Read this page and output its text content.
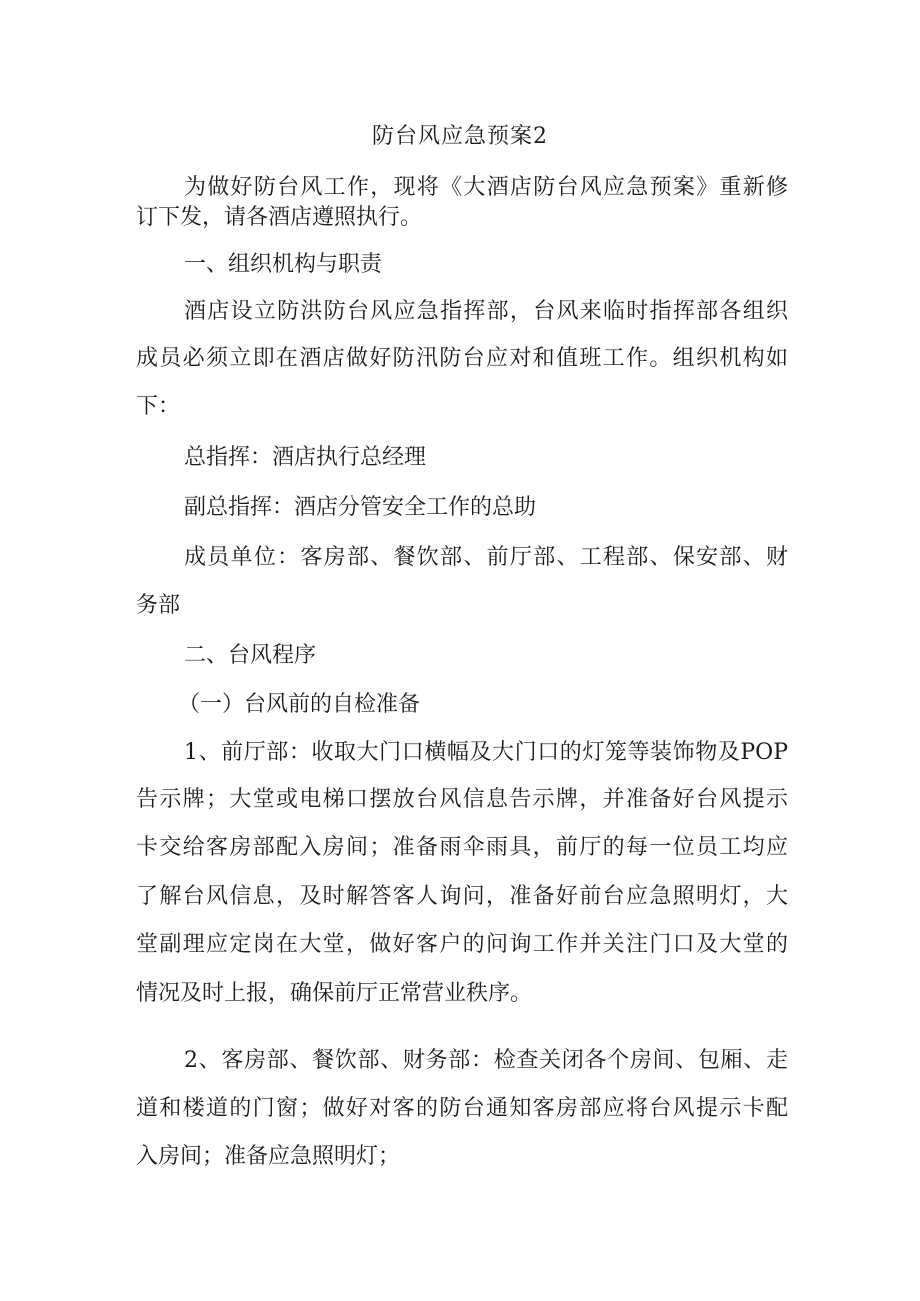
防台风应急预案2
为做好防台风工作，现将《大酒店防台风应急预案》重新修
订下发，请各酒店遵照执行。
一、组织机构与职责
酒店设立防洪防台风应急指挥部，台风来临时指挥部各组织
成员必须立即在酒店做好防汛防台应对和值班工作。组织机构如
下：
总指挥：酒店执行总经理
副总指挥：酒店分管安全工作的总助
成员单位：客房部、餐饮部、前厅部、工程部、保安部、财
务部
二、台风程序
（一）台风前的自检准备
1、前厅部：收取大门口横幅及大门口的灯笼等装饰物及POP
告示牌；大堂或电梯口摆放台风信息告示牌，并准备好台风提示
卡交给客房部配入房间；准备雨伞雨具，前厅的每一位员工均应
了解台风信息，及时解答客人询问，准备好前台应急照明灯，大
堂副理应定岗在大堂，做好客户的问询工作并关注门口及大堂的
情况及时上报，确保前厅正常营业秩序。
2、客房部、餐饮部、财务部：检查关闭各个房间、包厢、走
道和楼道的门窗；做好对客的防台通知客房部应将台风提示卡配
入房间；准备应急照明灯；
